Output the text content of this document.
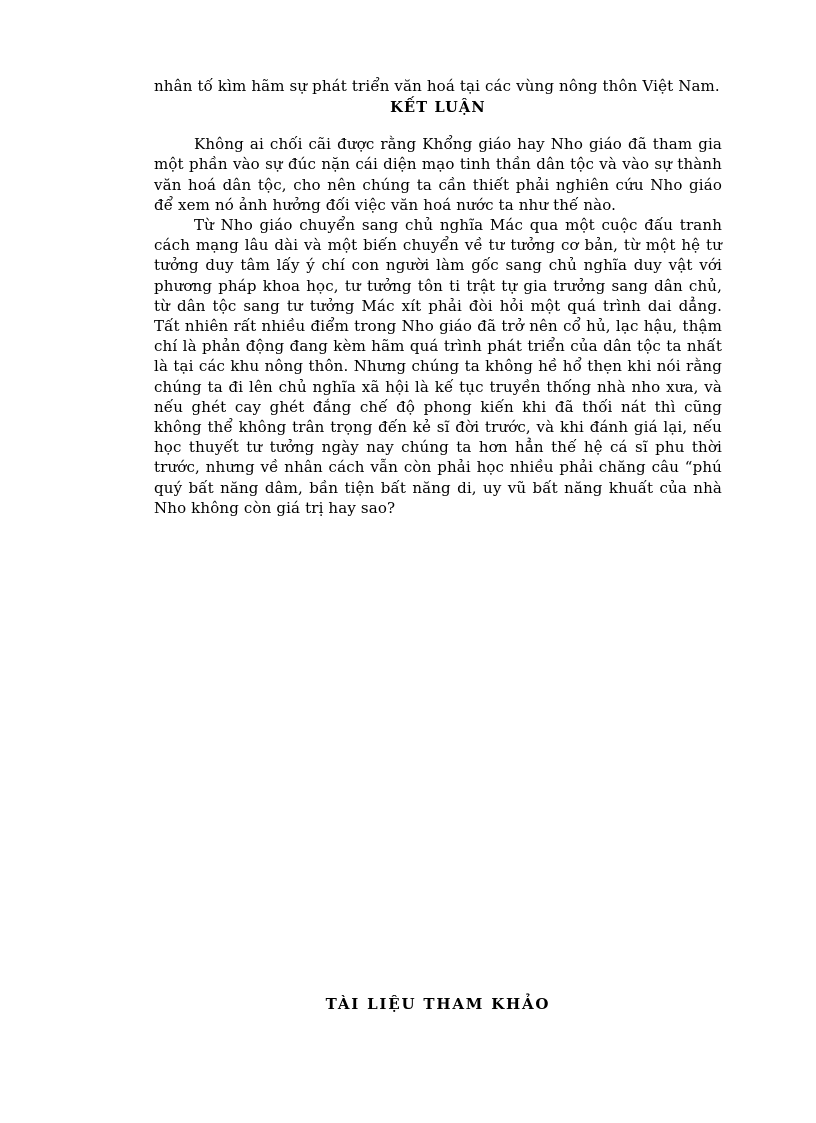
nhân tố kìm hãm sự phát triển văn hoá tại các vùng nông thôn Việt Nam.

KẾT LUẬN

Không ai chối cãi được rằng Khổng giáo hay Nho giáo đã tham gia một phần vào sự đúc nặn cái diện mạo tinh thần dân tộc và vào sự thành văn hoá dân tộc, cho nên chúng ta cần thiết phải nghiên cứu Nho giáo để xem nó ảnh hưởng đối việc văn hoá nước ta như thế nào.

Từ Nho giáo chuyển sang chủ nghĩa Mác qua một cuộc đấu tranh cách mạng lâu dài và một biến chuyển về tư tưởng cơ bản, từ một hệ tư tưởng duy tâm lấy ý chí con người làm gốc sang chủ nghĩa duy vật với phương pháp khoa học, tư tưởng tôn ti trật tự gia trưởng sang dân chủ, từ dân tộc sang tư tưởng Mác xít phải đòi hỏi một quá trình dai dẳng. Tất nhiên rất nhiều điểm trong Nho giáo đã trở nên cổ hủ, lạc hậu, thậm chí là phản động đang kèm hãm quá trình phát triển của dân tộc ta nhất là tại các khu nông thôn. Nhưng chúng ta không hề hổ thẹn khi nói rằng chúng ta đi lên chủ nghĩa xã hội là kế tục truyền thống nhà nho xưa, và nếu ghét cay ghét đắng chế độ phong kiến khi đã thối nát thì cũng không thể không trân trọng đến kẻ sĩ đời trước, và khi đánh giá lại, nếu học thuyết tư tưởng ngày nay chúng ta hơn hẳn thế hệ cá sĩ phu thời trước, nhưng về nhân cách vẫn còn phải học nhiều phải chăng câu “phú quý bất năng dâm, bần tiện bất năng di, uy vũ bất năng khuất của nhà Nho không còn giá trị hay sao?

TÀI LIỆU THAM KHẢO
